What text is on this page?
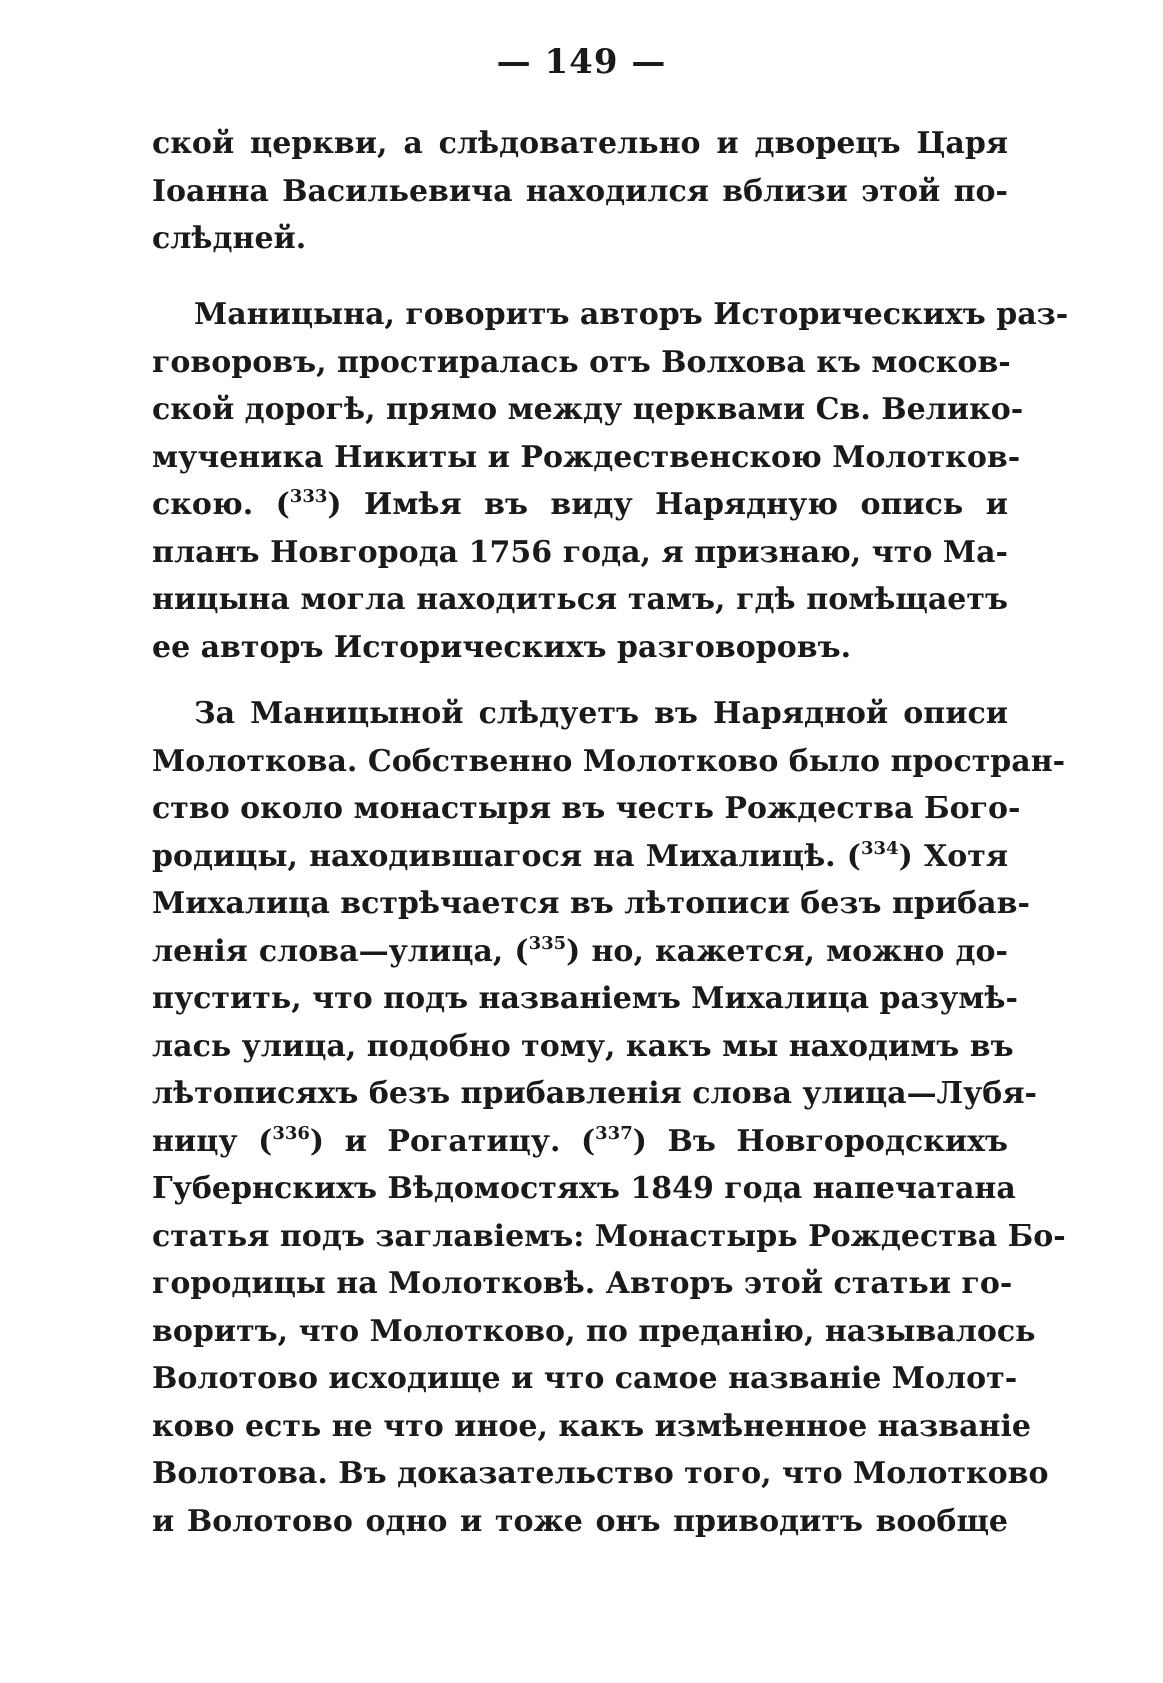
— 149 —
ской церкви, а слѣдовательно и дворецъ Царя
Іоанна Васильевича находился вблизи этой по-
слѣдней.
Маницына, говоритъ авторъ Историческихъ раз-
говоровъ, простиралась отъ Волхова къ москов-
ской дорогѣ, прямо между церквами Св. Велико-
мученика Никиты и Рождественскою Молотков-
скою. ($^{333}$) Имѣя въ виду Нарядную опись и
планъ Новгорода 1756 года, я признаю, что Ма-
ницына могла находиться тамъ, гдѣ помѣщаетъ
ее авторъ Историческихъ разговоровъ.
За Маницыной слѣдуетъ въ Нарядной описи
Молоткова. Собственно Молотково было простран-
ство около монастыря въ честь Рождества Бого-
родицы, находившагося на Михалицѣ. ($^{334}$) Хотя
Михалица встрѣчается въ лѣтописи безъ прибав-
ленія слова—улица, ($^{335}$) но, кажется, можно до-
пустить, что подъ названіемъ Михалица разумѣ-
лась улица, подобно тому, какъ мы находимъ въ
лѣтописяхъ безъ прибавленія слова улица—Лубя-
ницу ($^{336}$) и Рогатицу. ($^{337}$) Въ Новгородскихъ
Губернскихъ Вѣдомостяхъ 1849 года напечатана
статья подъ заглавіемъ: Монастырь Рождества Бо-
городицы на Молотковѣ. Авторъ этой статьи го-
воритъ, что Молотково, по преданію, называлось
Волотово исходище и что самое названіе Молот-
ково есть не что иное, какъ измѣненное названіе
Волотова. Въ доказательство того, что Молотково
и Волотово одно и тоже онъ приводитъ вообще
